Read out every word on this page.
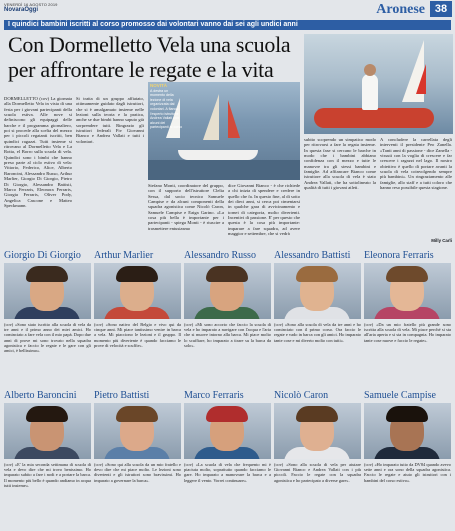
VENERDÌ 16 AGOSTO 2019
NovaraOggi	Aronese 38
I quindici bambini iscritti al corso promosso dai volontari vanno dai sei agli undici anni
Con Dormelletto Vela una scuola per affrontare le regate e la vita
NOVITÀ
A destra un momento della lezione di vela organizzata dai volontari. A fianco l'esperto istruttore Andrea Vallati con alcuni dei partecipanti al corso
DORMELLETTO (cov) La giornata alla Dormelletto Vela in vista di una festa per i giovani partecipanti della scuola estiva. Alle nove si definiscono gli equipaggi delle barche e il programma giornaliero, poi si procede alla scelta del mezzo per i piccoli regatanti iscritti, ben quindici ragazzi. Tutti insieme si ritrovano al Dormelletto Vela e La Rotta, el Borro sulla scuola di vela. Quindici sono i bimbi che hanno preso parte al ciclo estivo di vela: Vittorio, Federico, Alice, Alberto Baroncini, Alessandro Russo, Arthur Marlier, Giorgio Di Giorgio, Pietro Di Giorgio, Alessandro Battisti, Marco Ferraris, Eleonora Ferraris, Giorgia Ferraris, Oliver Pody, Angelica Cascone e Matteo Speckmann.
Si tratta di un gruppo affiatato, ottimamente guidato dagli istruttori, che si è amalgamato insieme nelle lezioni sulla teoria e la pratica, anche se due bimbi hanno saputo già sorprendere tutti. Ringrazio gli istruttori federali Fiv Giovanni Bianco e Andrea Vallati e tutti i volontari.
Stefano Monti, coordinatore del gruppo, con il supporto dell'istruttore Clelia Sessa, dal socio tecnico Samuele Campise e da alcuni componenti della squadra agonistica come Nicolò Caron, Samuele Campise e Eaiga Garino. «La cosa più bella è importante per i partecipanti - spiega Monti - è riuscire a trasmettere entusiasmo
dice Giovanni Bianco - è che richiede a chi inizia di spendere e credere in quello che fa. In questo fine, al di sotto dei dieci anni, si cerca poi cimentarsi in qualche gara di avvicinamento e tornei di categoria, molto divertenti. Incentivi di passione. E' per questo che questa è la cosa più importante: imparare a fare squadra, ad avere maggior e settembre, che si vedrà
subito scoprendo un simpatico modo per ritrovarsi a fare la regata insieme. In questa fase si cercano le barche in modo che i bambini abbiano confidenza con il mezzo e tutte le manovre tra gli stessi bambini e famiglie. Ad affiancare Bianco come istruttore alla scuola di vela è stato Andrea Vallati, che ha sottolineato la qualità di tutti i giovani atleti.
A concludere la carrellata degli interventi il presidente Peo Zanella. «Tanti anni di passione - dice Zanella - vissuti con la voglia di crescere e far crescere i ragazzi nel lago. Il nostro obiettivo è quello di portare avanti la scuola di vela coinvolgendo sempre più bambini». Un ringraziamento alle famiglie, allo staff e a tutti coloro che hanno reso possibile questa stagione.
Milly Carli
Giorgio Di Giorgio
(cov) «Sono stato iscritto alla scuola di vela da tre anni e il primo anno dei miei amici. Ho cominciato a fare vela con il mio papà. Dopo due anni di prove mi sono trovato nella squadra agonistica e faccio le regate e le gare con gli amici, è bellissimo».
Arthur Marlier
(cov) «Sono nativo del Belgio e vivo qui da cinque anni. Mi piace tantissimo venire in barca a vela. Mi piacciono le lezioni e il gruppo. Il momento più divertente è quando facciamo le prove di velocità e scuffie».
Alessandro Russo
(cov) «Mi sono accorto che faccio la scuola di vela e ho imparato a navigare con l'acqua e l'aria che si muove intorno alla barca. Mi piace molto lo scuffiare, ho imparato a tirare su la barca da solo».
Alessandro Battisti
(cov) «Sono alla scuola di vela da tre anni e ho cominciato con il primo corso. Ora faccio le regate e vado in barca con gli amici. Ho imparato tante cose e mi diverto molto con tutti».
Eleonora Ferraris
(cov) «Da un mio fratello più grande sono iscritta alla scuola di vela. Mi piace perché si sta all'aria aperta e si sta in compagnia. Ho imparato tante cose nuove e faccio le regate».
Alberto Baroncini
(cov) «E' la mia seconda settimana di scuola di vela e devo dire che mi trovo benissimo. Ho imparato subito a fare i nodi e a portare la barca. Il momento più bello è quando andiamo in acqua tutti insieme».
Pietro Battisti
(cov) «Sono qui alla scuola da un mio fratello e devo dire che mi piace molto. Le lezioni sono divertenti e gli istruttori sono bravissimi. Ho imparato a governare la barca».
Marco Ferraris
(cov) «La scuola di vela che frequento mi è piaciuta molto, soprattutto quando facciamo le gare. Ho imparato a manovrare la barca e a leggere il vento. Vorrei continuare».
Nicolò Caron
(cov) «Sono alla scuola di vela per aiutare Giovanni Bianco e Andrea Vallati con i più piccoli. Faccio le regate con la squadra agonistica e ho partecipato a diverse gare».
Samuele Campise
(cov) «Ho imparato tutto da DV84 quando avevo sette anni e ora sono della squadra agonistica. Faccio le regate e aiuto gli istruttori con i bambini del corso estivo».
